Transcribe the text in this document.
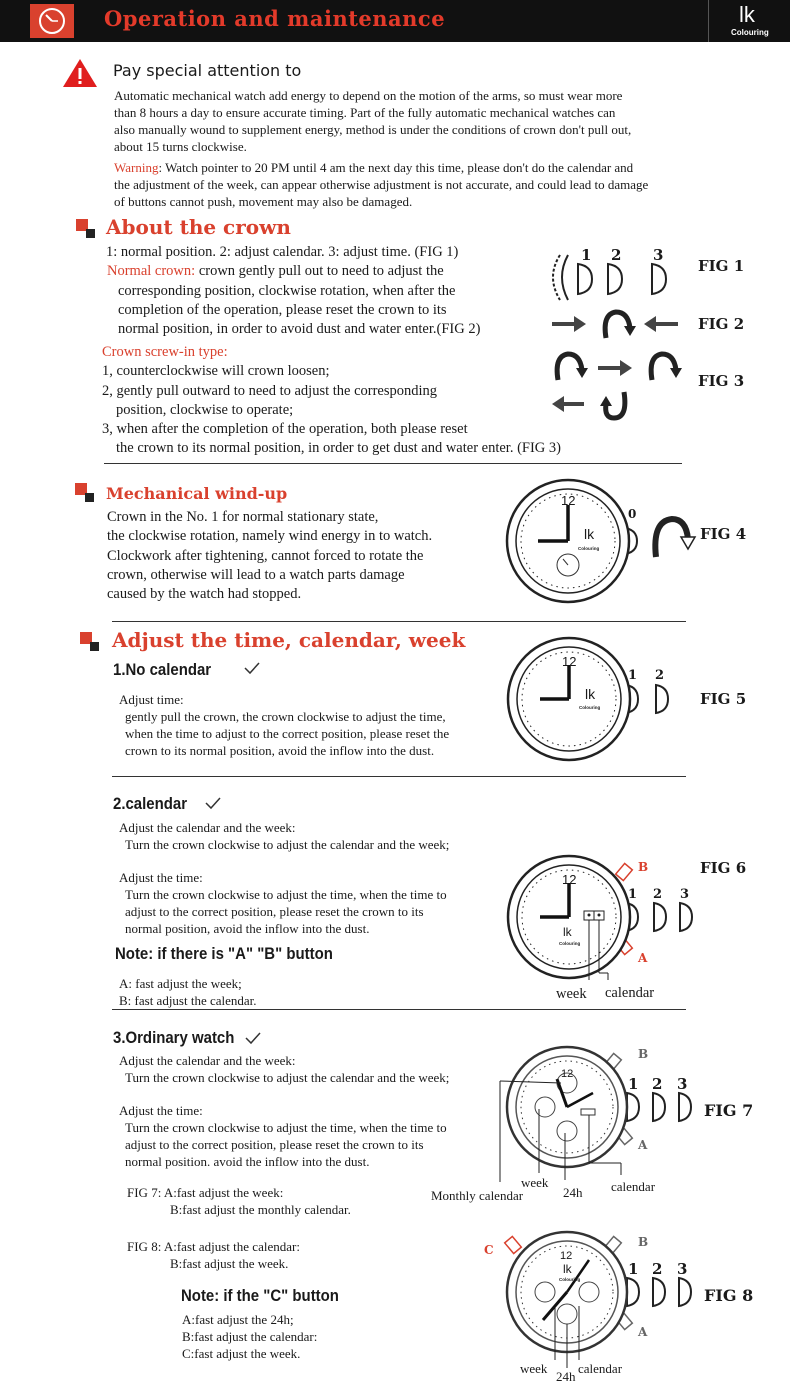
Operation and maintenance	lk
Colouring
Pay special attention to
Automatic mechanical watch add energy to depend on the motion of the arms, so must wear more
than 8 hours a day to ensure accurate timing. Part of the fully automatic mechanical watches can
also manually wound to supplement energy, method is under the conditions of crown don't pull out,
about 15 turns clockwise.
Warning: Watch pointer to 20 PM until 4 am the next day this time, please don't do the calendar and
the adjustment of the week, can appear otherwise adjustment is not accurate, and could lead to damage
of buttons cannot push, movement may also be damaged.
About the crown
1: normal position. 2: adjust calendar. 3: adjust time. (FIG 1)
Normal crown: crown gently pull out to need to adjust the
corresponding position, clockwise rotation, when after the
completion of the operation, please reset the crown to its
normal position, in order to avoid dust and water enter.(FIG 2)
Crown screw-in type:
1, counterclockwise will crown loosen;
2, gently pull outward to need to adjust the corresponding
position, clockwise to operate;
3, when after the completion of the operation, both please reset
the crown to its normal position, in order to get dust and water enter. (FIG 3)
1 2 3
FIG 1
FIG 2
FIG 3
Mechanical wind-up
Crown in the No. 1 for normal stationary state,
the clockwise rotation, namely wind energy in to watch.
Clockwork after tightening, cannot forced to rotate the
crown, otherwise will lead to a watch parts damage
caused by the watch had stopped.
12
lk
Colouring
0
FIG 4
Adjust the time, calendar, week
1.No calendar
Adjust time:
gently pull the crown, the crown clockwise to adjust the time,
when the time to adjust to the correct position, please reset the
crown to its normal position, avoid the inflow into the dust.
12
lk
Colouring
1 2
FIG 5
2.calendar
Adjust the calendar and the week:
Turn the crown clockwise to adjust the calendar and the week;
Adjust the time:
Turn the crown clockwise to adjust the time, when the time to
adjust to the correct position, please reset the crown to its
normal position, avoid the inflow into the dust.
Note: if there is "A" "B" button
A: fast adjust the week;
B: fast adjust the calendar.
12
lk
Colouring
B
A
1 2 3
FIG 6
week calendar
3.Ordinary watch
Adjust the calendar and the week:
Turn the crown clockwise to adjust the calendar and the week;
Adjust the time:
Turn the crown clockwise to adjust the time, when the time to
adjust to the correct position, please reset the crown to its
normal position. avoid the inflow into the dust.
FIG 7: A:fast adjust the week:
B:fast adjust the monthly calendar.
FIG 8: A:fast adjust the calendar:
B:fast adjust the week.
Note: if the "C" button
A:fast adjust the 24h;
B:fast adjust the calendar:
C:fast adjust the week.
12
B
A
1 2 3
FIG 7
Monthly calendar
week
24h calendar
12
lk
Colouring
C
B
A
1 2 3
FIG 8
week
24h
calendar
